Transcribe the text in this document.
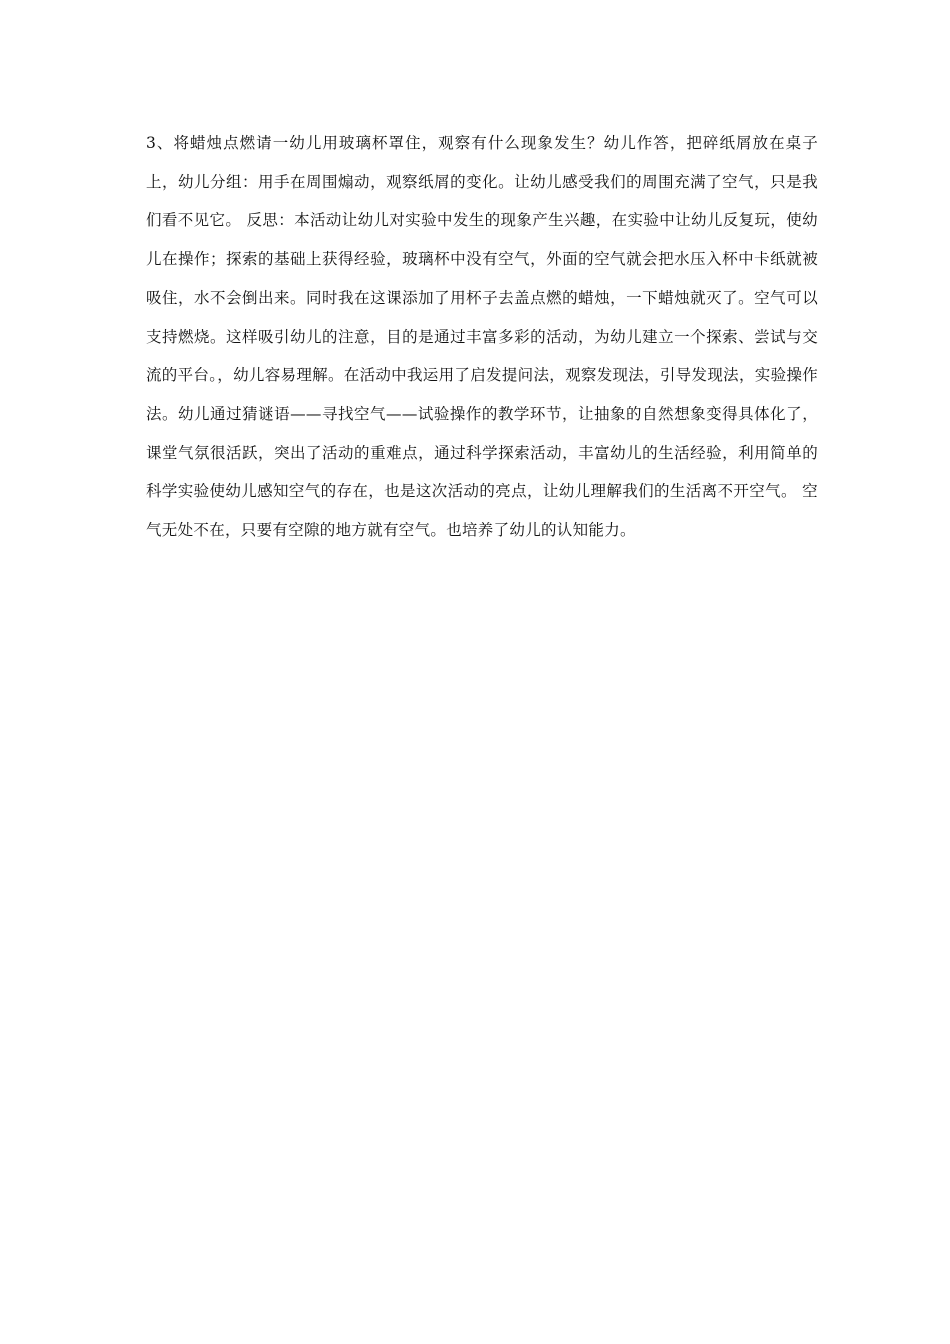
3、将蜡烛点燃请一幼儿用玻璃杯罩住，观察有什么现象发生？幼儿作答，把碎纸屑放在桌子上，幼儿分组：用手在周围煽动，观察纸屑的变化。让幼儿感受我们的周围充满了空气，只是我们看不见它。 反思：本活动让幼儿对实验中发生的现象产生兴趣，在实验中让幼儿反复玩，使幼儿在操作；探索的基础上获得经验，玻璃杯中没有空气，外面的空气就会把水压入杯中卡纸就被吸住，水不会倒出来。同时我在这课添加了用杯子去盖点燃的蜡烛，一下蜡烛就灭了。空气可以支持燃烧。这样吸引幼儿的注意，目的是通过丰富多彩的活动，为幼儿建立一个探索、尝试与交流的平台。，幼儿容易理解。在活动中我运用了启发提问法，观察发现法，引导发现法，实验操作法。幼儿通过猜谜语——寻找空气——试验操作的教学环节，让抽象的自然想象变得具体化了，课堂气氛很活跃，突出了活动的重难点，通过科学探索活动，丰富幼儿的生活经验，利用简单的科学实验使幼儿感知空气的存在，也是这次活动的亮点，让幼儿理解我们的生活离不开空气。 空气无处不在，只要有空隙的地方就有空气。也培养了幼儿的认知能力。
